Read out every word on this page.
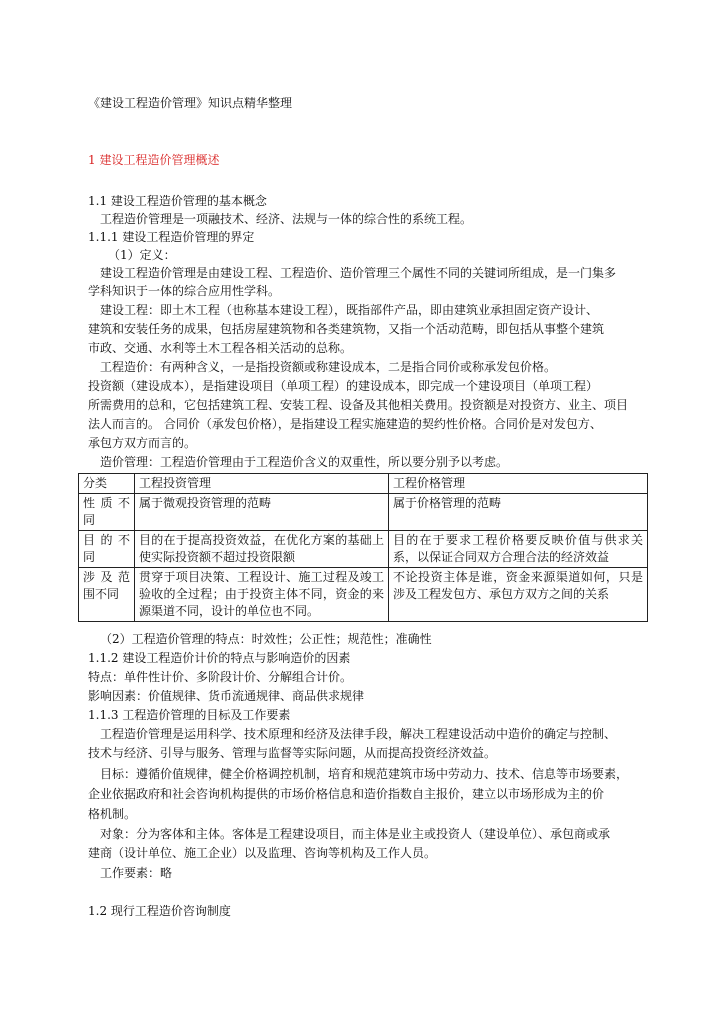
《建设工程造价管理》知识点精华整理
1 建设工程造价管理概述
1.1 建设工程造价管理的基本概念
工程造价管理是一项融技术、经济、法规与一体的综合性的系统工程。
1.1.1 建设工程造价管理的界定
（1）定义：
建设工程造价管理是由建设工程、工程造价、造价管理三个属性不同的关键词所组成，是一门集多
学科知识于一体的综合应用性学科。
建设工程：即土木工程（也称基本建设工程），既指部件产品，即由建筑业承担固定资产设计、
建筑和安装任务的成果，包括房屋建筑物和各类建筑物，又指一个活动范畴，即包括从事整个建筑
市政、交通、水利等土木工程各相关活动的总称。
工程造价：有两种含义，一是指投资额或称建设成本，二是指合同价或称承发包价格。
投资额（建设成本），是指建设项目（单项工程）的建设成本，即完成一个建设项目（单项工程）
所需费用的总和，它包括建筑工程、安装工程、设备及其他相关费用。投资额是对投资方、业主、项目
法人而言的。 合同价（承发包价格），是指建设工程实施建造的契约性价格。合同价是对发包方、
承包方双方而言的。
造价管理：工程造价管理由于工程造价含义的双重性，所以要分别予以考虑。
分类	工程投资管理	工程价格管理
性质不同	属于微观投资管理的范畴	属于价格管理的范畴
目的不同	目的在于提高投资效益，在优化方案的基础上使实际投资额不超过投资限额	目的在于要求工程价格要反映价值与供求关系，以保证合同双方合理合法的经济效益
涉及范围不同	贯穿于项目决策、工程设计、施工过程及竣工验收的全过程；由于投资主体不同，资金的来源渠道不同，设计的单位也不同。	不论投资主体是谁，资金来源渠道如何，只是涉及工程发包方、承包方双方之间的关系
（2）工程造价管理的特点：时效性；公正性；规范性；准确性
1.1.2 建设工程造价计价的特点与影响造价的因素
特点：单件性计价、多阶段计价、分解组合计价。
影响因素：价值规律、货币流通规律、商品供求规律
1.1.3 工程造价管理的目标及工作要素
工程造价管理是运用科学、技术原理和经济及法律手段，解决工程建设活动中造价的确定与控制、
技术与经济、引导与服务、管理与监督等实际问题，从而提高投资经济效益。
目标：遵循价值规律，健全价格调控机制，培育和规范建筑市场中劳动力、技术、信息等市场要素，
企业依据政府和社会咨询机构提供的市场价格信息和造价指数自主报价，建立以市场形成为主的价
格机制。
对象：分为客体和主体。客体是工程建设项目，而主体是业主或投资人（建设单位）、承包商或承
建商（设计单位、施工企业）以及监理、咨询等机构及工作人员。
工作要素：略
1.2 现行工程造价咨询制度
